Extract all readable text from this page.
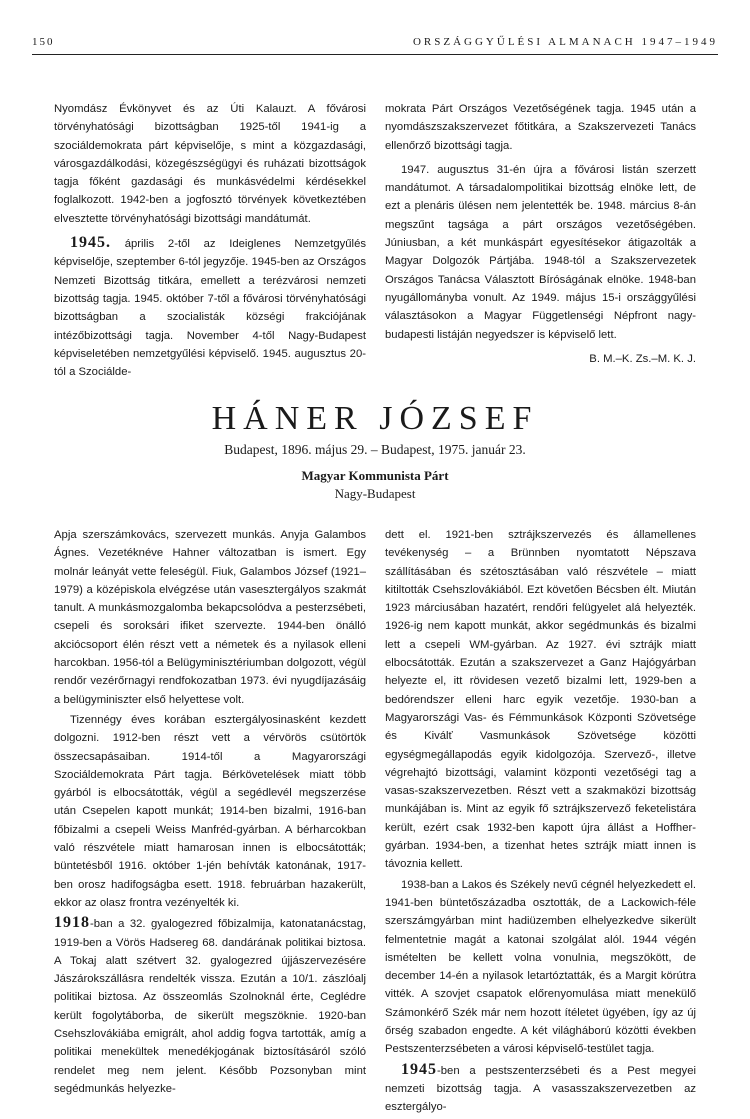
150	ORSZÁGGYŰLÉSI ALMANACH 1947–1949

Nyomdász Évkönyvet és az Úti Kalauzt. A fővárosi törvényhatósági bizottságban 1925-től 1941-ig a szociáldemokrata párt képviselője, s mint a közgazdasági, városgazdálkodási, közegészségügyi és ruházati bizottságok tagja főként gazdasági és munkásvédelmi kérdésekkel foglalkozott. 1942-ben a jogfosztó törvények következtében elvesztette törvényhatósági bizottsági mandátumát.

1945. április 2-től az Ideiglenes Nemzetgyűlés képviselője, szeptember 6-tól jegyzője. 1945-ben az Országos Nemzeti Bizottság titkára, emellett a terézvárosi nemzeti bizottság tagja. 1945. október 7-től a fővárosi törvényhatósági bizottságban a szocialisták községi frakciójának intézőbizottsági tagja. November 4-től Nagy-Budapest képviseletében nemzetgyűlési képviselő. 1945. augusztus 20-tól a Szociálde-

mokrata Párt Országos Vezetőségének tagja. 1945 után a nyomdászszakszervezet főtitkára, a Szakszervezeti Tanács ellenőrző bizottsági tagja.

1947. augusztus 31-én újra a fővárosi listán szerzett mandátumot. A társadalompolitikai bizottság elnöke lett, de ezt a plenáris ülésen nem jelentették be. 1948. március 8-án megszűnt tagsága a párt országos vezetőségében. Júniusban, a két munkáspárt egyesítésekor átigazolták a Magyar Dolgozók Pártjába. 1948-tól a Szakszervezetek Országos Tanácsa Választott Bíróságának elnöke. 1948-ban nyugállományba vonult. Az 1949. május 15-i országgyűlési választásokon a Magyar Függetlenségi Népfront nagy-budapesti listáján negyedszer is képviselő lett.

B. M.–K. Zs.–M. K. J.
HÁNER JÓZSEF
Budapest, 1896. május 29. – Budapest, 1975. január 23.
Magyar Kommunista Párt
Nagy-Budapest

Apja szerszámkovács, szervezett munkás. Anyja Galambos Ágnes. Vezetéknéve Hahner változatban is ismert. Egy molnár leányát vette feleségül. Fiuk, Galambos József (1921–1979) a középiskola elvégzése után vasesztergályos szakmát tanult. A munkásmozgalomba bekapcsolódva a pesterzsébeti, csepeli és soroksári ifiket szervezte. 1944-ben önálló akciócsoport élén részt vett a németek és a nyilasok elleni harcokban. 1956-tól a Belügyminisztériumban dolgozott, végül rendőr vezérőrnagyi rendfokozatban 1973. évi nyugdíjazásáig a belügyminiszter első helyettese volt.

Tizennégy éves korában esztergályosinasként kezdett dolgozni. 1912-ben részt vett a vérvörös csütörtök összecsapásaiban. 1914-től a Magyarországi Szociáldemokrata Párt tagja. Bérkövetelések miatt több gyárból is elbocsátották, végül a segédlevél megszerzése után Csepelen kapott munkát; 1914-ben bizalmi, 1916-ban főbizalmi a csepeli Weiss Manfréd-gyárban. A bérharcokban való részvétele miatt hamarosan innen is elbocsátották; büntetésből 1916. október 1-jén behívták katonának, 1917-ben orosz hadifogságba esett. 1918. februárban hazakerült, ekkor az olasz frontra vezényelték ki.

1918-ban a 32. gyalogezred főbizalmija, katonatanácstag, 1919-ben a Vörös Hadsereg 68. dandárának politikai biztosa. A Tokaj alatt szétvert 32. gyalogezred újjászervezésére Jászárokszállásra rendelték vissza. Ezután a 10/1. zászlóalj politikai biztosa. Az összeomlás Szolnoknál érte, Ceglédre került fogolytáborba, de sikerült megszöknie. 1920-ban Csehszlovákiába emigrált, ahol addig fogva tartották, amíg a politikai menekültek menedékjogának biztosításáról szóló rendelet meg nem jelent. Később Pozsonyban mint segédmunkás helyezke-

dett el. 1921-ben sztrájkszervezés és államellenes tevékenység – a Brünnben nyomtatott Népszava szállításában és szétosztásában való részvétele – miatt kitiltották Csehszlovákiából. Ezt követően Bécsben élt. Miután 1923 márciusában hazatért, rendőri felügyelet alá helyezték. 1926-ig nem kapott munkát, akkor segédmunkás és bizalmi lett a csepeli WM-gyárban. Az 1927. évi sztrájk miatt elbocsátották. Ezután a szakszervezet a Ganz Hajógyárban helyezte el, itt rövidesen vezető bizalmi lett, 1929-ben a bedórendszer elleni harc egyik vezetője. 1930-ban a Magyarországi Vas- és Fémmunkások Központi Szövetsége és Kiválť Vasmunkások Szövetsége közötti egységmegállapodás egyik kidolgozója. Szervező-, illetve végrehajtó bizottsági, valamint központi vezetőségi tag a vasas-szakszervezetben. Részt vett a szakmaközi bizottság munkájában is. Mint az egyik fő sztrájkszervező feketelistára került, ezért csak 1932-ben kapott újra állást a Hoffher-gyárban. 1934-ben, a tizenhat hetes sztrájk miatt innen is távoznia kellett.

1938-ban a Lakos és Székely nevű cégnél helyezkedett el. 1941-ben büntetőszázadba osztották, de a Lackowich-féle szerszámgyárban mint hadiüzemben elhelyezkedve sikerült felmentetnie magát a katonai szolgálat alól. 1944 végén ismételten be kellett volna vonulnia, megszökött, de december 14-én a nyilasok letartóztatták, és a Margit körútra vitték. A szovjet csapatok előrenyomulása miatt menekülő Számonkérő Szék már nem hozott ítéletet ügyében, így az új őrség szabadon engedte. A két világháború közötti években Pestszenterzsébeten a városi képviselő-testület tagja.

1945-ben a pestszenterzsébeti és a Pest megyei nemzeti bizottság tagja. A vasasszakszervezetben az esztergályo-
